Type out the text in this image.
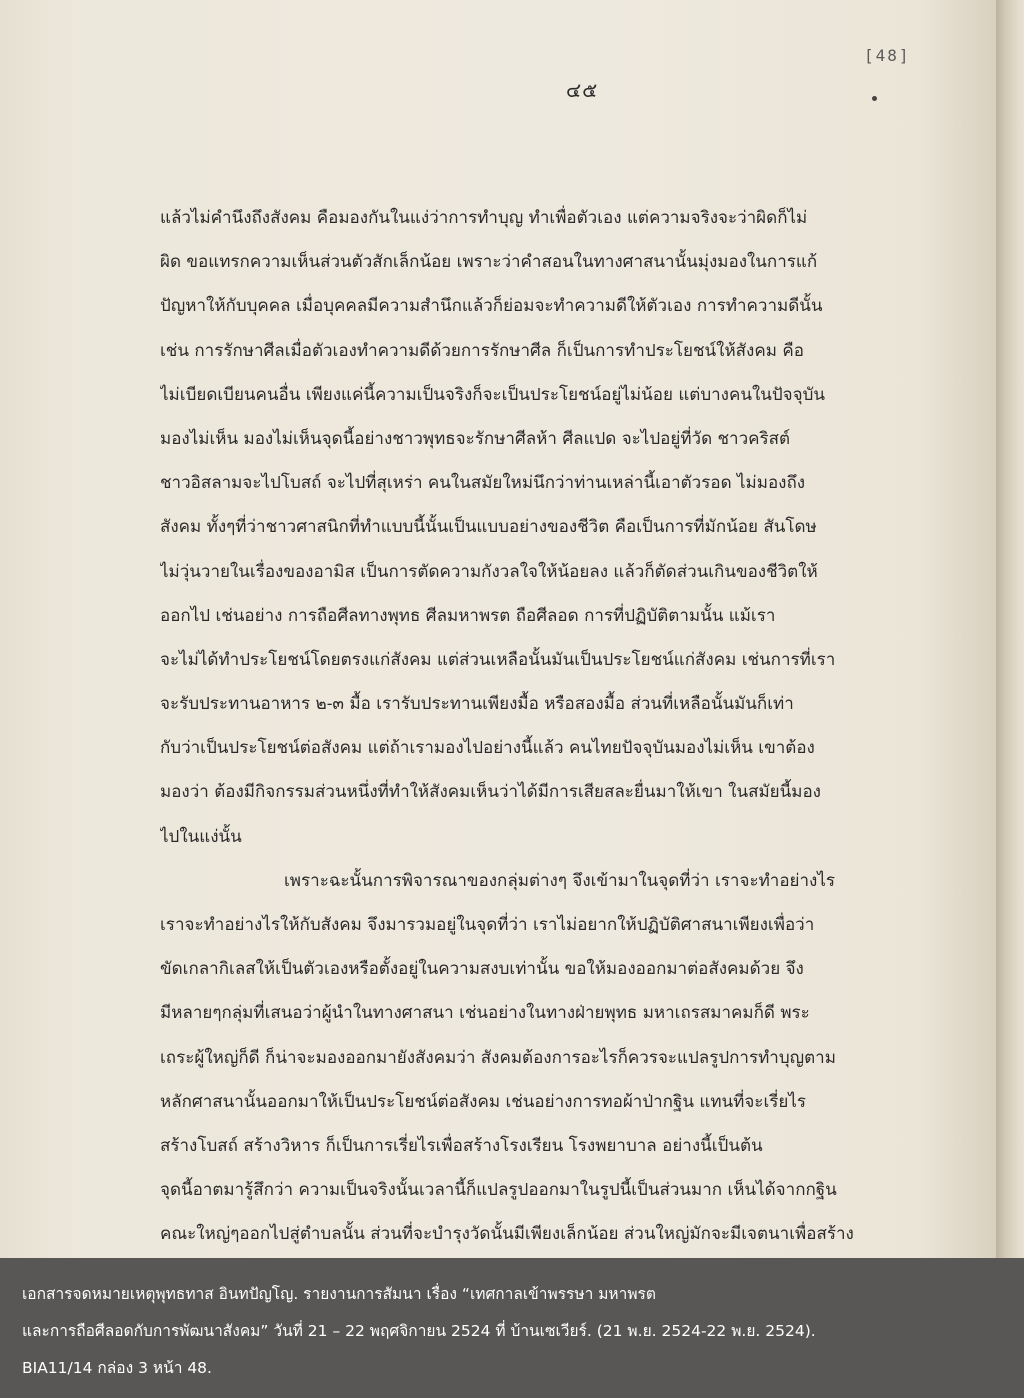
[48]
๔๕
แล้วไม่คำนึงถึงสังคม คือมองกันในแง่ว่าการทำบุญ ทำเพื่อตัวเอง แต่ความจริงจะว่าผิดก็ไม่
ผิด ขอแทรกความเห็นส่วนตัวสักเล็กน้อย เพราะว่าคำสอนในทางศาสนานั้นมุ่งมองในการแก้
ปัญหาให้กับบุคคล เมื่อบุคคลมีความสำนึกแล้วก็ย่อมจะทำความดีให้ตัวเอง การทำความดีนั้น
เช่น การรักษาศีลเมื่อตัวเองทำความดีด้วยการรักษาศีล ก็เป็นการทำประโยชน์ให้สังคม คือ
ไม่เบียดเบียนคนอื่น เพียงแค่นี้ความเป็นจริงก็จะเป็นประโยชน์อยู่ไม่น้อย แต่บางคนในปัจจุบัน
มองไม่เห็น มองไม่เห็นจุดนี้อย่างชาวพุทธจะรักษาศีลห้า ศีลแปด จะไปอยู่ที่วัด ชาวคริสต์
ชาวอิสลามจะไปโบสถ์ จะไปที่สุเหร่า คนในสมัยใหม่นึกว่าท่านเหล่านี้เอาตัวรอด ไม่มองถึง
สังคม ทั้งๆที่ว่าชาวศาสนิกที่ทำแบบนี้นั้นเป็นแบบอย่างของชีวิต คือเป็นการที่มักน้อย สันโดษ
ไม่วุ่นวายในเรื่องของอามิส เป็นการตัดความกังวลใจให้น้อยลง แล้วก็ตัดส่วนเกินของชีวิตให้
ออกไป เช่นอย่าง การถือศีลทางพุทธ ศีลมหาพรต ถือศีลอด การที่ปฏิบัติตามนั้น แม้เรา
จะไม่ได้ทำประโยชน์โดยตรงแก่สังคม แต่ส่วนเหลือนั้นมันเป็นประโยชน์แก่สังคม เช่นการที่เรา
จะรับประทานอาหาร ๒-๓ มื้อ เรารับประทานเพียงมื้อ หรือสองมื้อ ส่วนที่เหลือนั้นมันก็เท่า
กับว่าเป็นประโยชน์ต่อสังคม แต่ถ้าเรามองไปอย่างนี้แล้ว คนไทยปัจจุบันมองไม่เห็น เขาต้อง
มองว่า ต้องมีกิจกรรมส่วนหนึ่งที่ทำให้สังคมเห็นว่าได้มีการเสียสละยื่นมาให้เขา ในสมัยนี้มอง
ไปในแง่นั้น
เพราะฉะนั้นการพิจารณาของกลุ่มต่างๆ จึงเข้ามาในจุดที่ว่า เราจะทำอย่างไร
เราจะทำอย่างไรให้กับสังคม จึงมารวมอยู่ในจุดที่ว่า เราไม่อยากให้ปฏิบัติศาสนาเพียงเพื่อว่า
ขัดเกลากิเลสให้เป็นตัวเองหรือตั้งอยู่ในความสงบเท่านั้น ขอให้มองออกมาต่อสังคมด้วย จึง
มีหลายๆกลุ่มที่เสนอว่าผู้นำในทางศาสนา เช่นอย่างในทางฝ่ายพุทธ มหาเถรสมาคมก็ดี พระ
เถระผู้ใหญ่ก็ดี ก็น่าจะมองออกมายังสังคมว่า สังคมต้องการอะไรก็ควรจะแปลรูปการทำบุญตาม
หลักศาสนานั้นออกมาให้เป็นประโยชน์ต่อสังคม เช่นอย่างการทอผ้าป่ากฐิน แทนที่จะเรี่ยไร
สร้างโบสถ์ สร้างวิหาร ก็เป็นการเรี่ยไรเพื่อสร้างโรงเรียน โรงพยาบาล อย่างนี้เป็นต้น
จุดนี้อาตมารู้สึกว่า ความเป็นจริงนั้นเวลานี้ก็แปลรูปออกมาในรูปนี้เป็นส่วนมาก เห็นได้จากกฐิน
คณะใหญ่ๆออกไปสู่ตำบลนั้น ส่วนที่จะบำรุงวัดนั้นมีเพียงเล็กน้อย ส่วนใหญ่มักจะมีเจตนาเพื่อสร้าง
เอกสารจดหมายเหตุพุทธทาส อินทปัญโญ. รายงานการสัมนา เรื่อง “เทศกาลเข้าพรรษา มหาพรต
และการถือศีลอดกับการพัฒนาสังคม” วันที่ 21 – 22 พฤศจิกายน 2524 ที่ บ้านเซเวียร์. (21 พ.ย. 2524-22 พ.ย. 2524).
BIA11/14 กล่อง 3 หน้า 48.
